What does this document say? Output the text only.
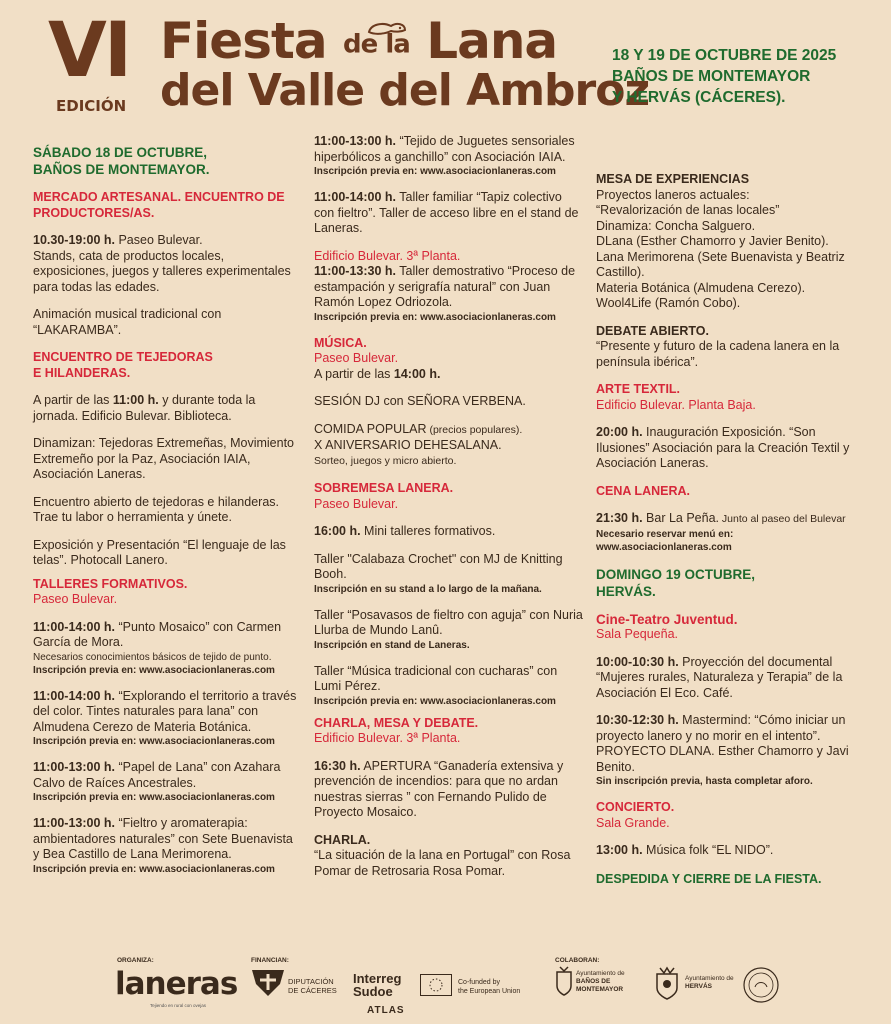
VI
EDICIÓN
Fiesta de la Lana
del Valle del Ambroz
18 Y 19 DE OCTUBRE DE 2025
BAÑOS DE MONTEMAYOR
Y HERVÁS (CÁCERES).

SÁBADO 18 DE OCTUBRE,

BAÑOS DE MONTEMAYOR.

MERCADO ARTESANAL. ENCUENTRO DE PRODUCTORES/AS.

10.30-19:00 h. Paseo Bulevar.

Stands, cata de productos locales, exposiciones, juegos y talleres experimentales para todas las edades.

Animación musical tradicional con “LAKARAMBA”.

ENCUENTRO DE TEJEDORAS

E HILANDERAS.

A partir de las 11:00 h. y durante toda la jornada. Edificio Bulevar. Biblioteca.

Dinamizan: Tejedoras Extremeñas, Movimiento Extremeño por la Paz, Asociación IAIA, Asociación Laneras.

Encuentro abierto de tejedoras e hilanderas. Trae tu labor o herramienta y únete.

Exposición y Presentación “El lenguaje de las telas”. Photocall Lanero.

TALLERES FORMATIVOS.

Paseo Bulevar.

11:00-14:00 h. “Punto Mosaico” con Carmen García de Mora.

Necesarios conocimientos básicos de tejido de punto.

Inscripción previa en: www.asociacionlaneras.com

11:00-14:00 h. “Explorando el territorio a través del color. Tintes naturales para lana” con Almudena Cerezo de Materia Botánica.

Inscripción previa en: www.asociacionlaneras.com

11:00-13:00 h. “Papel de Lana” con Azahara Calvo de Raíces Ancestrales.

Inscripción previa en: www.asociacionlaneras.com

11:00-13:00 h. “Fieltro y aromaterapia: ambientadores naturales” con Sete Buenavista y Bea Castillo de Lana Merimorena.

Inscripción previa en: www.asociacionlaneras.com

11:00-13:00 h. “Tejido de Juguetes sensoriales hiperbólicos a ganchillo” con Asociación IAIA.

Inscripción previa en: www.asociacionlaneras.com

11:00-14:00 h. Taller familiar “Tapiz colectivo con fieltro”. Taller de acceso libre en el stand de Laneras.

Edificio Bulevar. 3ª Planta.

11:00-13:30 h. Taller demostrativo “Proceso de estampación y serigrafía natural” con Juan Ramón Lopez Odriozola.

Inscripción previa en: www.asociacionlaneras.com

MÚSICA.

Paseo Bulevar.

A partir de las 14:00 h.

SESIÓN DJ con SEÑORA VERBENA.

COMIDA POPULAR (precios populares).

X ANIVERSARIO DEHESALANA.

Sorteo, juegos y micro abierto.

SOBREMESA LANERA.

Paseo Bulevar.

16:00 h. Mini talleres formativos.

Taller "Calabaza Crochet" con MJ de Knitting Booh.

Inscripción en su stand a lo largo de la mañana.

Taller “Posavasos de fieltro con aguja” con Nuria Llurba de Mundo Lanû.

Inscripción en stand de Laneras.

Taller “Música tradicional con cucharas” con Lumi Pérez.

Inscripción previa en: www.asociacionlaneras.com

CHARLA, MESA Y DEBATE.

Edificio Bulevar. 3ª Planta.

16:30 h. APERTURA “Ganadería extensiva y prevención de incendios: para que no ardan nuestras sierras ” con Fernando Pulido de Proyecto Mosaico.

CHARLA.

“La situación de la lana en Portugal” con Rosa Pomar de Retrosaria Rosa Pomar.

MESA DE EXPERIENCIAS

Proyectos laneros actuales:

“Revalorización de lanas locales”

Dinamiza: Concha Salguero.

DLana (Esther Chamorro y Javier Benito).

Lana Merimorena (Sete Buenavista y Beatriz Castillo).

Materia Botánica (Almudena Cerezo).

Wool4Life (Ramón Cobo).

DEBATE ABIERTO.

“Presente y futuro de la cadena lanera en la península ibérica”.

ARTE TEXTIL.

Edificio Bulevar. Planta Baja.

20:00 h. Inauguración Exposición. “Son Ilusiones” Asociación para la Creación Textil y Asociación Laneras.

CENA LANERA.

21:30 h. Bar La Peña. Junto al paseo del Bulevar

Necesario reservar menú en:

www.asociacionlaneras.com

DOMINGO 19 OCTUBRE,

HERVÁS.

Cine-Teatro Juventud.

Sala Pequeña.

10:00-10:30 h. Proyección del documental “Mujeres rurales, Naturaleza y Terapia” de la Asociación El Eco. Café.

10:30-12:30 h. Mastermind: “Cómo iniciar un proyecto lanero y no morir en el intento”. PROYECTO DLANA. Esther Chamorro y Javi Benito.

Sin inscripción previa, hasta completar aforo.

CONCIERTO.

Sala Grande.

13:00 h. Música folk “EL NIDO”.

DESPEDIDA Y CIERRE DE LA FIESTA.

ORGANIZA:
laneras
Tejiendo en rural con ovejas
FINANCIAN:
DIPUTACIÓN
DE CÁCERES
Interreg
Sudoe
ATLAS
Co-funded by
the European Union
COLABORAN:
Ayuntamiento de
BAÑOS DE
MONTEMAYOR
Ayuntamiento de
HERVÁS
